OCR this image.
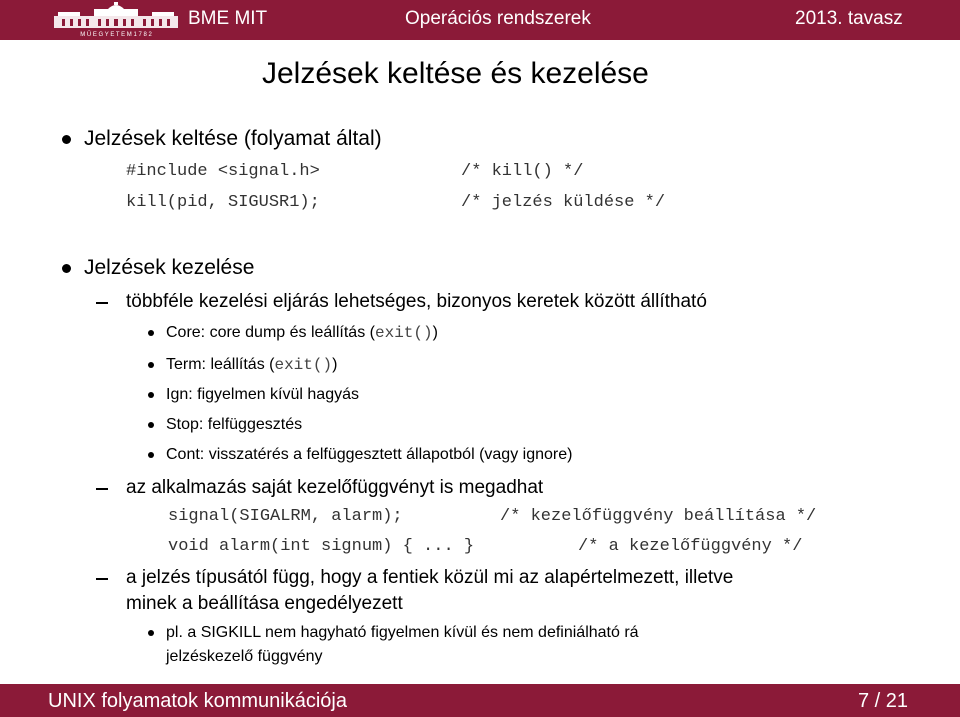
M Ű E G Y E T E M 1 7 8 2
BME MIT	Operációs rendszerek	2013. tavasz
Jelzések keltése és kezelése
Jelzések keltése (folyamat által)
#include <signal.h>	/* kill() */
kill(pid, SIGUSR1);	/* jelzés küldése */
Jelzések kezelése
többféle kezelési eljárás lehetséges, bizonyos keretek között állítható
Core: core dump és leállítás (exit())
Term: leállítás (exit())
Ign: figyelmen kívül hagyás
Stop: felfüggesztés
Cont: visszatérés a felfüggesztett állapotból (vagy ignore)
az alkalmazás saját kezelőfüggvényt is megadhat
signal(SIGALRM, alarm);	/* kezelőfüggvény beállítása */
void alarm(int signum) { ... }	/* a kezelőfüggvény */
a jelzés típusától függ, hogy a fentiek közül mi az alapértelmezett, illetve
minek a beállítása engedélyezett
pl. a SIGKILL nem hagyható figyelmen kívül és nem definiálható rá
jelzéskezelő függvény
UNIX folyamatok kommunikációja	7 / 21
